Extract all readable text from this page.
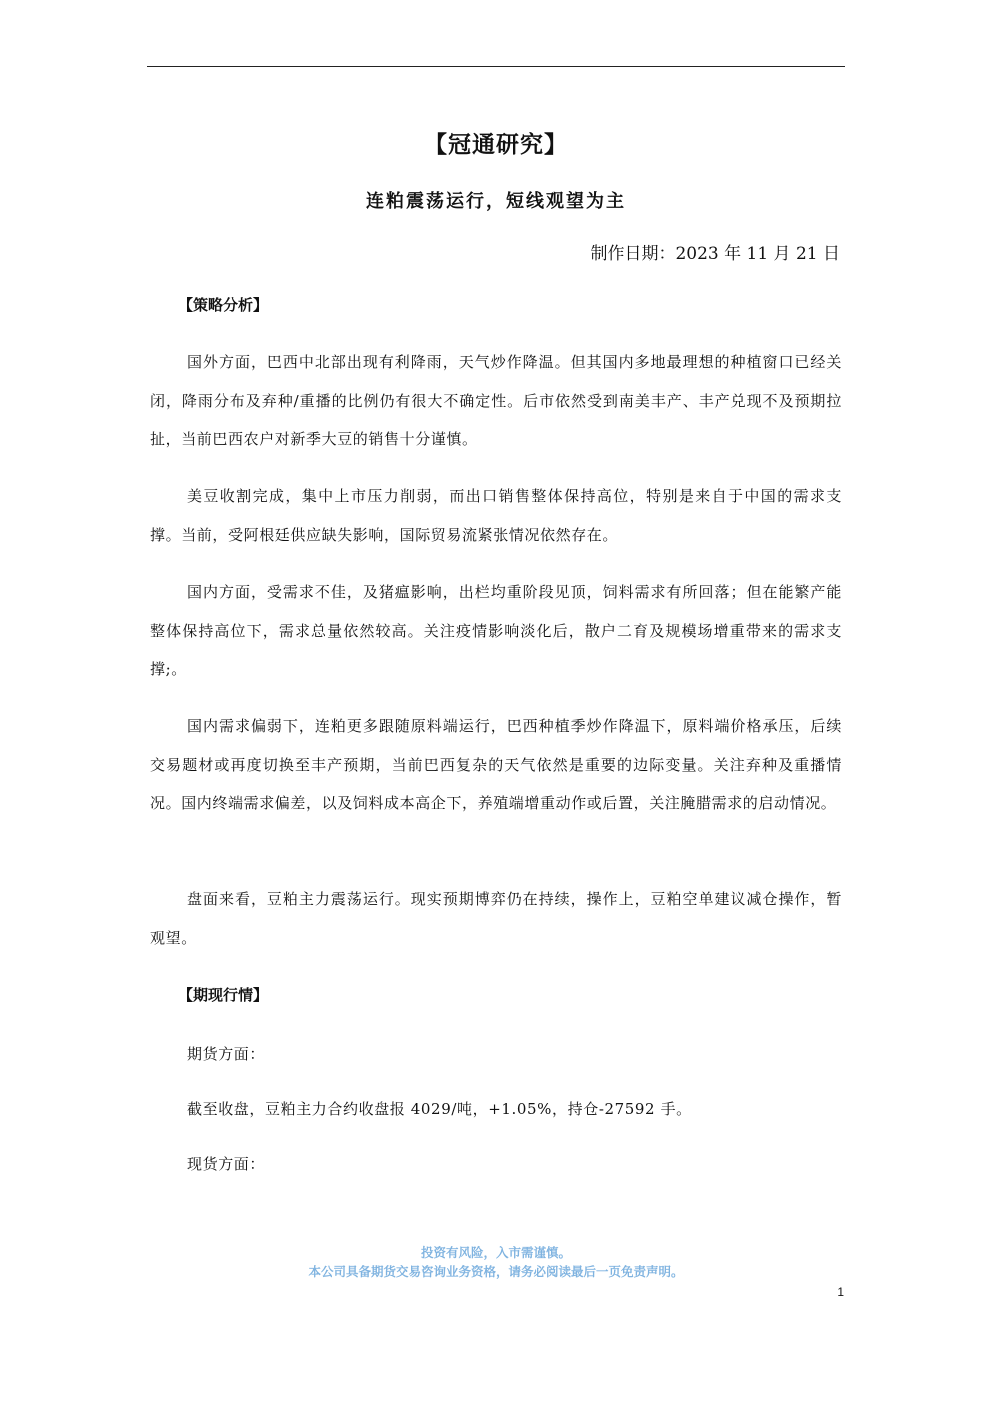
【冠通研究】
连粕震荡运行，短线观望为主
制作日期：2023 年 11 月 21 日
【策略分析】

国外方面，巴西中北部出现有利降雨，天气炒作降温。但其国内多地最理想的种植窗口已经关闭，降雨分布及弃种/重播的比例仍有很大不确定性。后市依然受到南美丰产、丰产兑现不及预期拉扯，当前巴西农户对新季大豆的销售十分谨慎。

美豆收割完成，集中上市压力削弱，而出口销售整体保持高位，特别是来自于中国的需求支撑。当前，受阿根廷供应缺失影响，国际贸易流紧张情况依然存在。

国内方面，受需求不佳，及猪瘟影响，出栏均重阶段见顶，饲料需求有所回落；但在能繁产能整体保持高位下，需求总量依然较高。关注疫情影响淡化后，散户二育及规模场增重带来的需求支撑;。

国内需求偏弱下，连粕更多跟随原料端运行，巴西种植季炒作降温下，原料端价格承压，后续交易题材或再度切换至丰产预期，当前巴西复杂的天气依然是重要的边际变量。关注弃种及重播情况。国内终端需求偏差，以及饲料成本高企下，养殖端增重动作或后置，关注腌腊需求的启动情况。

盘面来看，豆粕主力震荡运行。现实预期博弈仍在持续，操作上，豆粕空单建议减仓操作，暂观望。

【期现行情】

期货方面：

截至收盘，豆粕主力合约收盘报 4029/吨，+1.05%，持仓-27592 手。

现货方面：

投资有风险，入市需谨慎。
本公司具备期货交易咨询业务资格，请务必阅读最后一页免责声明。
1
